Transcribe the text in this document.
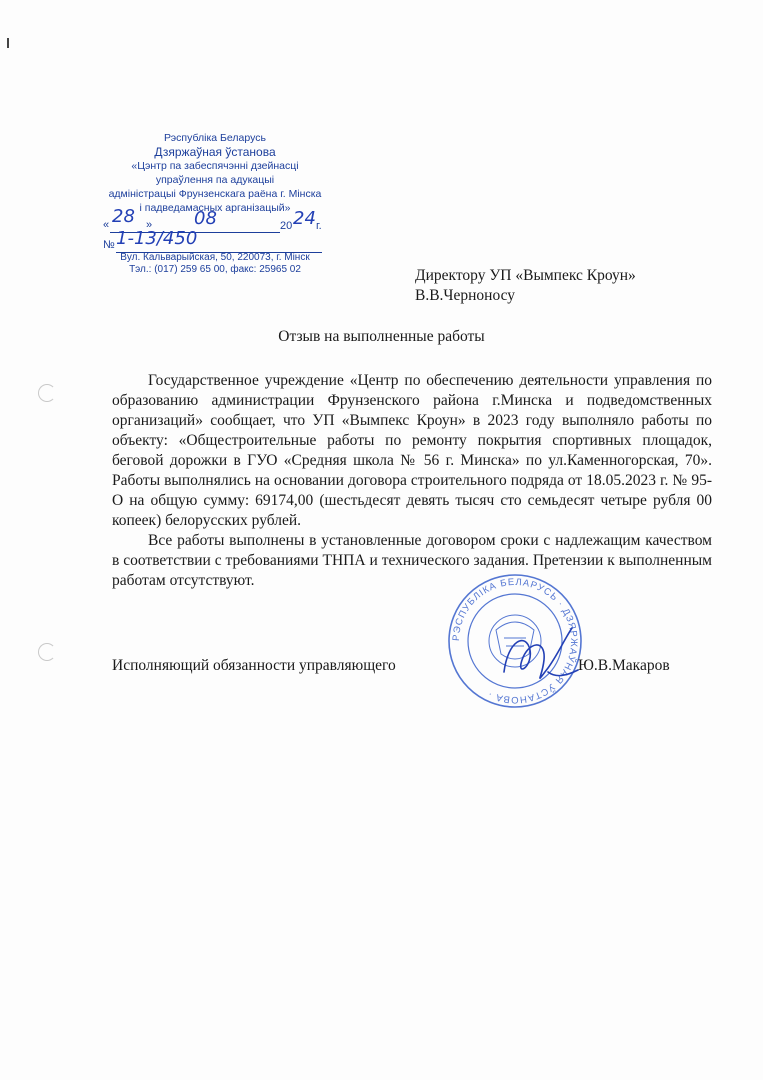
Рэспубліка Беларусь
Дзяржаўная ўстанова
«Цэнтр па забеспячэнні дзейнасці
упраўлення па адукацыі
адміністрацыі Фрунзенскага раёна г. Мінска
і падведамасных арганізацый»
« 28 » 08	20 24 г.
№ 1-13/450
Вул. Кальварыйская, 50, 220073, г. Мінск
Тэл.: (017) 259 65 00, факс: 25965 02	Директору УП «Вымпекс Кроун»
В.В.Черноносу
Отзыв на выполненные работы

Государственное учреждение «Центр по обеспечению деятельности управления по образованию администрации Фрунзенского района г.Минска и подведомственных организаций» сообщает, что УП «Вымпекс Кроун» в 2023 году выполняло работы по объекту: «Общестроительные работы по ремонту покрытия спортивных площадок, беговой дорожки в ГУО «Средняя школа № 56 г. Минска» по ул.Каменногорская, 70». Работы выполнялись на основании договора строительного подряда от 18.05.2023 г. № 95-О на общую сумму: 69174,00 (шестьдесят девять тысяч сто семьдесят четыре рубля 00 копеек) белорусских рублей.

Все работы выполнены в установленные договором сроки с надлежащим качеством в соответствии с требованиями ТНПА и технического задания. Претензии к выполненным работам отсутствуют.

РЭСПУБЛІКА БЕЛАРУСЬ · ДЗЯРЖАЎНАЯ ЎСТАНОВА ·
Исполняющий обязанности управляющего	Ю.В.Макаров
